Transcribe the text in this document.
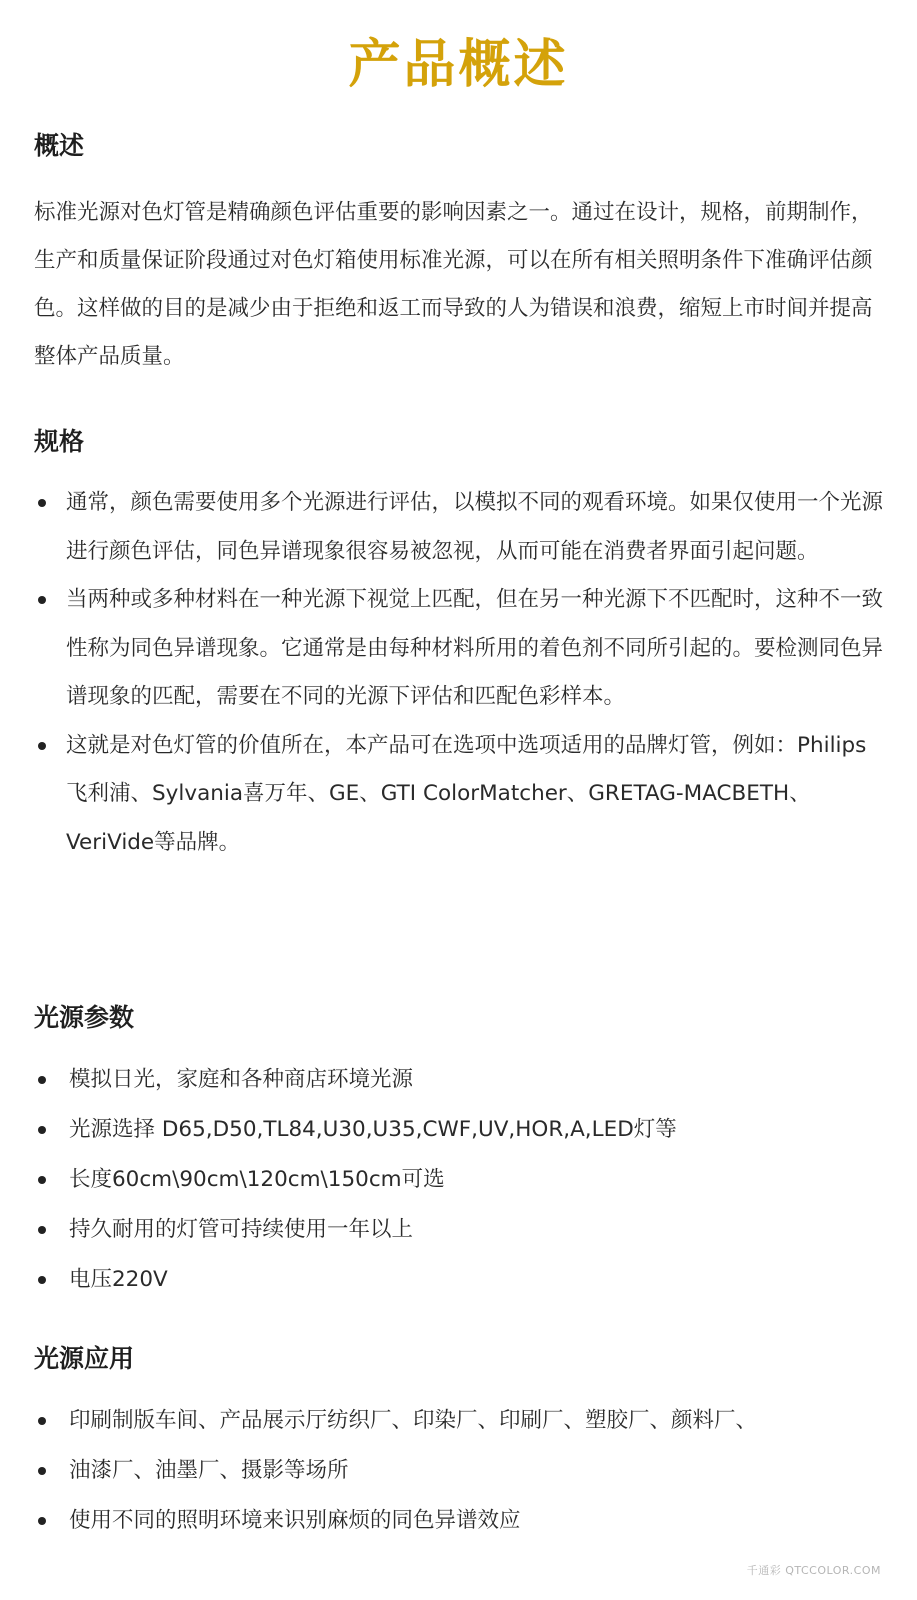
产品概述
概述
标准光源对色灯管是精确颜色评估重要的影响因素之一。通过在设计，规格，前期制作，生产和质量保证阶段通过对色灯箱使用标准光源，可以在所有相关照明条件下准确评估颜色。这样做的目的是减少由于拒绝和返工而导致的人为错误和浪费，缩短上市时间并提高整体产品质量。
规格
通常，颜色需要使用多个光源进行评估，以模拟不同的观看环境。如果仅使用一个光源进行颜色评估，同色异谱现象很容易被忽视，从而可能在消费者界面引起问题。
当两种或多种材料在一种光源下视觉上匹配，但在另一种光源下不匹配时，这种不一致性称为同色异谱现象。它通常是由每种材料所用的着色剂不同所引起的。要检测同色异谱现象的匹配，需要在不同的光源下评估和匹配色彩样本。
这就是对色灯管的价值所在，本产品可在选项中选项适用的品牌灯管，例如：Philips飞利浦、Sylvania喜万年、GE、GTI ColorMatcher、GRETAG-MACBETH、VeriVide等品牌。
光源参数
模拟日光，家庭和各种商店环境光源
光源选择 D65,D50,TL84,U30,U35,CWF,UV,HOR,A,LED灯等
长度60cm\90cm\120cm\150cm可选
持久耐用的灯管可持续使用一年以上
电压220V
光源应用
印刷制版车间、产品展示厅纺织厂、印染厂、印刷厂、塑胶厂、颜料厂、
油漆厂、油墨厂、摄影等场所
使用不同的照明环境来识别麻烦的同色异谱效应
千通彩 QTCCOLOR.COM
